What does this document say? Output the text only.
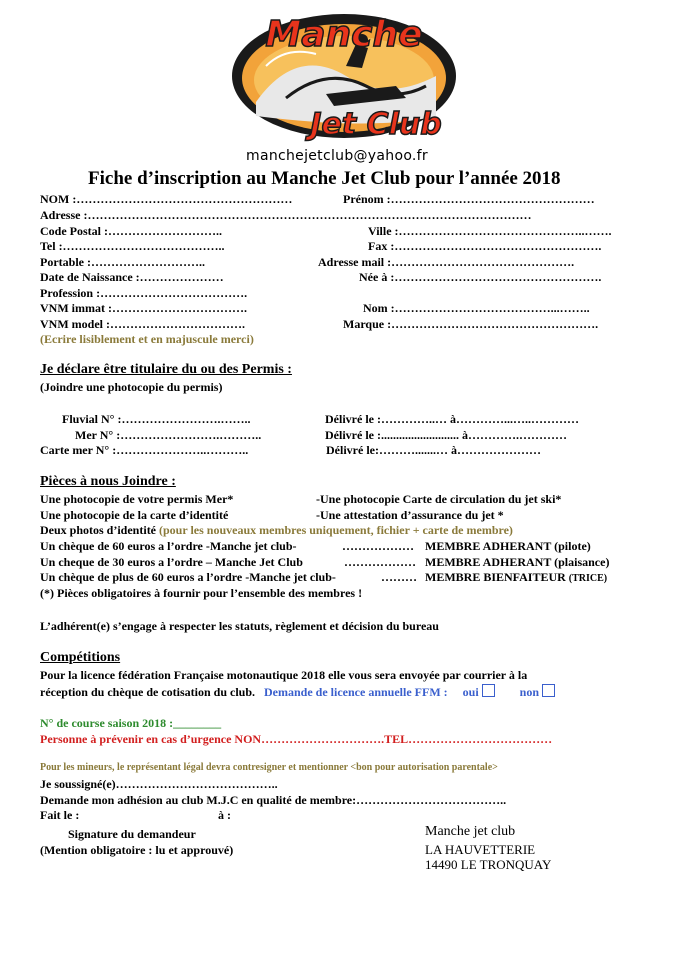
Manche
Jet Club
manchejetclub@yahoo.fr
Fiche d’inscription au Manche Jet Club pour l’année 2018
NOM :………………………………………………	Prénom :……………………………………………
Adresse :…………………………………………………………………………………………………
Code Postal :………………………..	Ville :………………………………………..…….
Tel :…………………………………..	Fax :…………………………………………….
Portable :………………………..	Adresse mail :……………………………………….
Date de Naissance :…………………	Née à :…………………………………………….
Profession :……………………………….
VNM immat :…………………………….	Nom :…………………………………...……..
VNM model :…………………………….	Marque :…………………………………………….
(Ecrire lisiblement et en majuscule merci)
Je déclare être titulaire du ou des Permis :
(Joindre une photocopie du permis)
Fluvial N° :…………………….……..	Délivré le :…………..… à…………...…..…………
Mer N° :…………………….………..	Délivré le :.......................... à………….…………
Carte mer N° :…………………..………..	Délivré le:……….......… à…………………
Pièces à nous Joindre :
Une photocopie de votre permis Mer*	-Une photocopie Carte de circulation du jet ski*
Une photocopie de la carte d’identité	-Une attestation d’assurance du jet *
Deux photos d’identité (pour les nouveaux membres uniquement, fichier + carte de membre)
Un chèque de 60 euros a l’ordre -Manche jet club-	……………… MEMBRE ADHERANT (pilote)
Un cheque de 30 euros a l’ordre – Manche Jet Club	……………… MEMBRE ADHERANT (plaisance)
Un chèque de plus de 60 euros a l’ordre -Manche jet club-	……… MEMBRE BIENFAITEUR (TRICE)
(*) Pièces obligatoires à fournir pour l’ensemble des membres !
L’adhérent(e) s’engage à respecter les statuts, règlement et décision du bureau
Compétitions
Pour la licence fédération Française motonautique 2018 elle vous sera envoyée par courrier à la
réception du chèque de cotisation du club. Demande de licence annuelle FFM : oui	non
N° de course saison 2018 :________
Personne à prévenir en cas d’urgence NON………………………….TEL………………………………
Pour les mineurs, le représentant légal devra contresigner et mentionner <bon pour autorisation parentale>
Je soussigné(e)…………………………………..
Demande mon adhésion au club M.J.C en qualité de membre:………………………………..
Fait le :	à :
Signature du demandeur
(Mention obligatoire : lu et approuvé)
Manche jet club
LA HAUVETTERIE
14490 LE TRONQUAY
